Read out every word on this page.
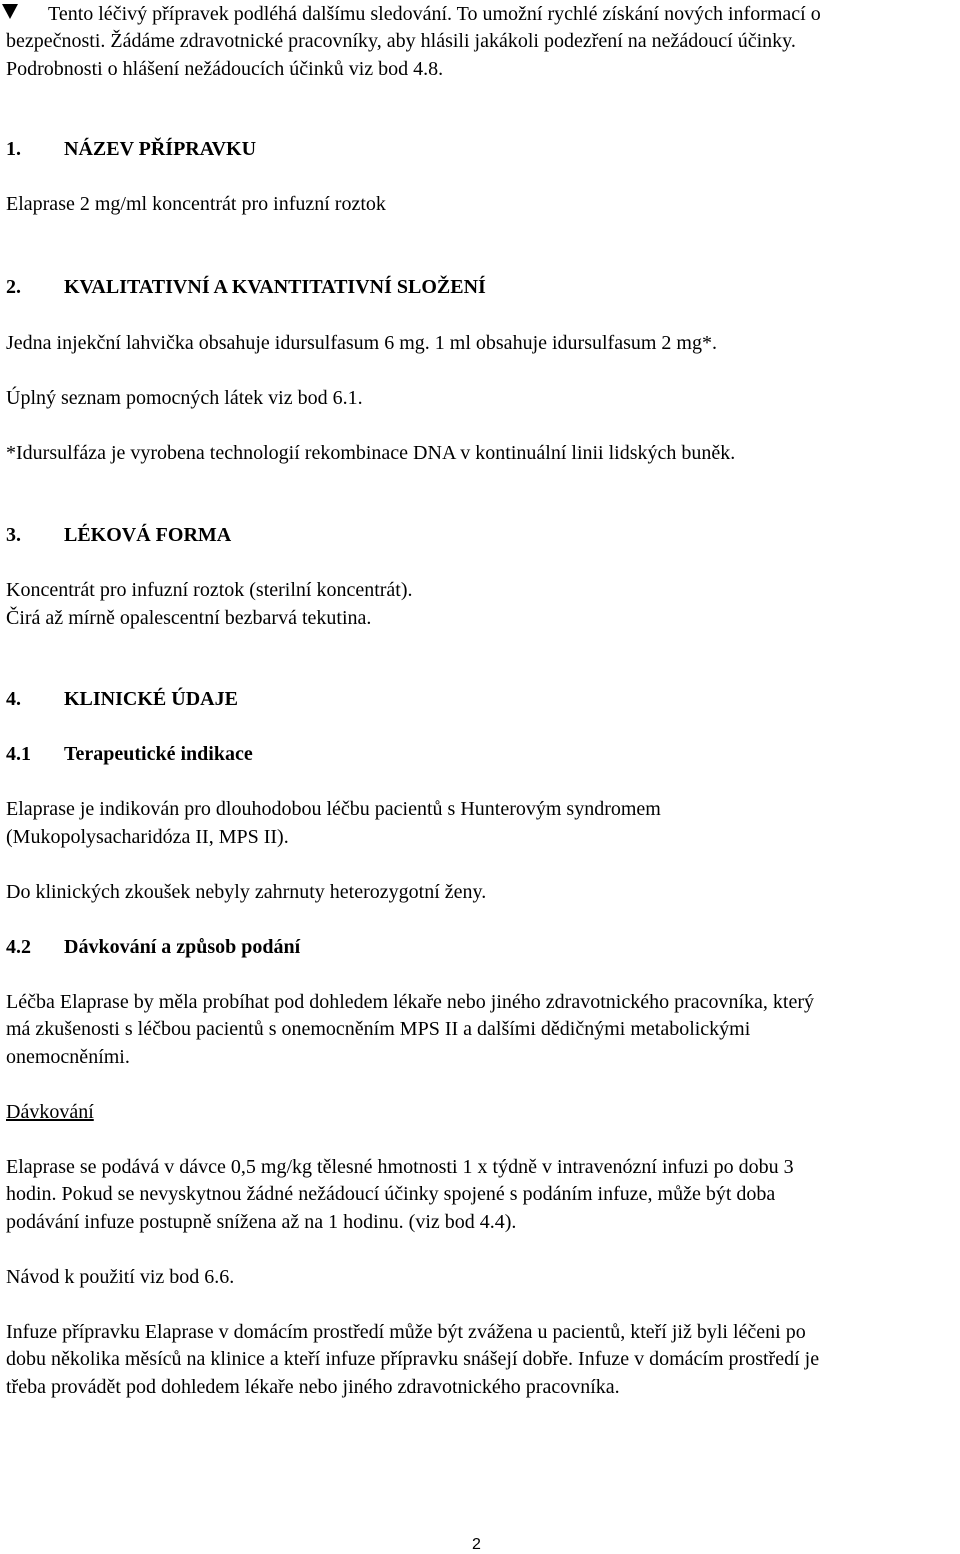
Tento léčivý přípravek podléhá dalšímu sledování. To umožní rychlé získání nových informací o
bezpečnosti. Žádáme zdravotnické pracovníky, aby hlásili jakákoli podezření na nežádoucí účinky.
Podrobnosti o hlášení nežádoucích účinků viz bod 4.8.
1. NÁZEV PŘÍPRAVKU
Elaprase 2 mg/ml koncentrát pro infuzní roztok
2. KVALITATIVNÍ A KVANTITATIVNÍ SLOŽENÍ
Jedna injekční lahvička obsahuje idursulfasum 6 mg. 1 ml obsahuje idursulfasum 2 mg*.
Úplný seznam pomocných látek viz bod 6.1.
*Idursulfáza je vyrobena technologií rekombinace DNA v kontinuální linii lidských buněk.
3. LÉKOVÁ FORMA
Koncentrát pro infuzní roztok (sterilní koncentrát).
Čirá až mírně opalescentní bezbarvá tekutina.
4. KLINICKÉ ÚDAJE
4.1 Terapeutické indikace
Elaprase je indikován pro dlouhodobou léčbu pacientů s Hunterovým syndromem
(Mukopolysacharidóza II, MPS II).
Do klinických zkoušek nebyly zahrnuty heterozygotní ženy.
4.2 Dávkování a způsob podání
Léčba Elaprase by měla probíhat pod dohledem lékaře nebo jiného zdravotnického pracovníka, který
má zkušenosti s léčbou pacientů s onemocněním MPS II a dalšími dědičnými metabolickými
onemocněními.
Dávkování
Elaprase se podává v dávce 0,5 mg/kg tělesné hmotnosti 1 x týdně v intravenózní infuzi po dobu 3
hodin. Pokud se nevyskytnou žádné nežádoucí účinky spojené s podáním infuze, může být doba
podávání infuze postupně snížena až na 1 hodinu. (viz bod 4.4).
Návod k použití viz bod 6.6.
Infuze přípravku Elaprase v domácím prostředí může být zvážena u pacientů, kteří již byli léčeni po
dobu několika měsíců na klinice a kteří infuze přípravku snášejí dobře. Infuze v domácím prostředí je
třeba provádět pod dohledem lékaře nebo jiného zdravotnického pracovníka.
2
